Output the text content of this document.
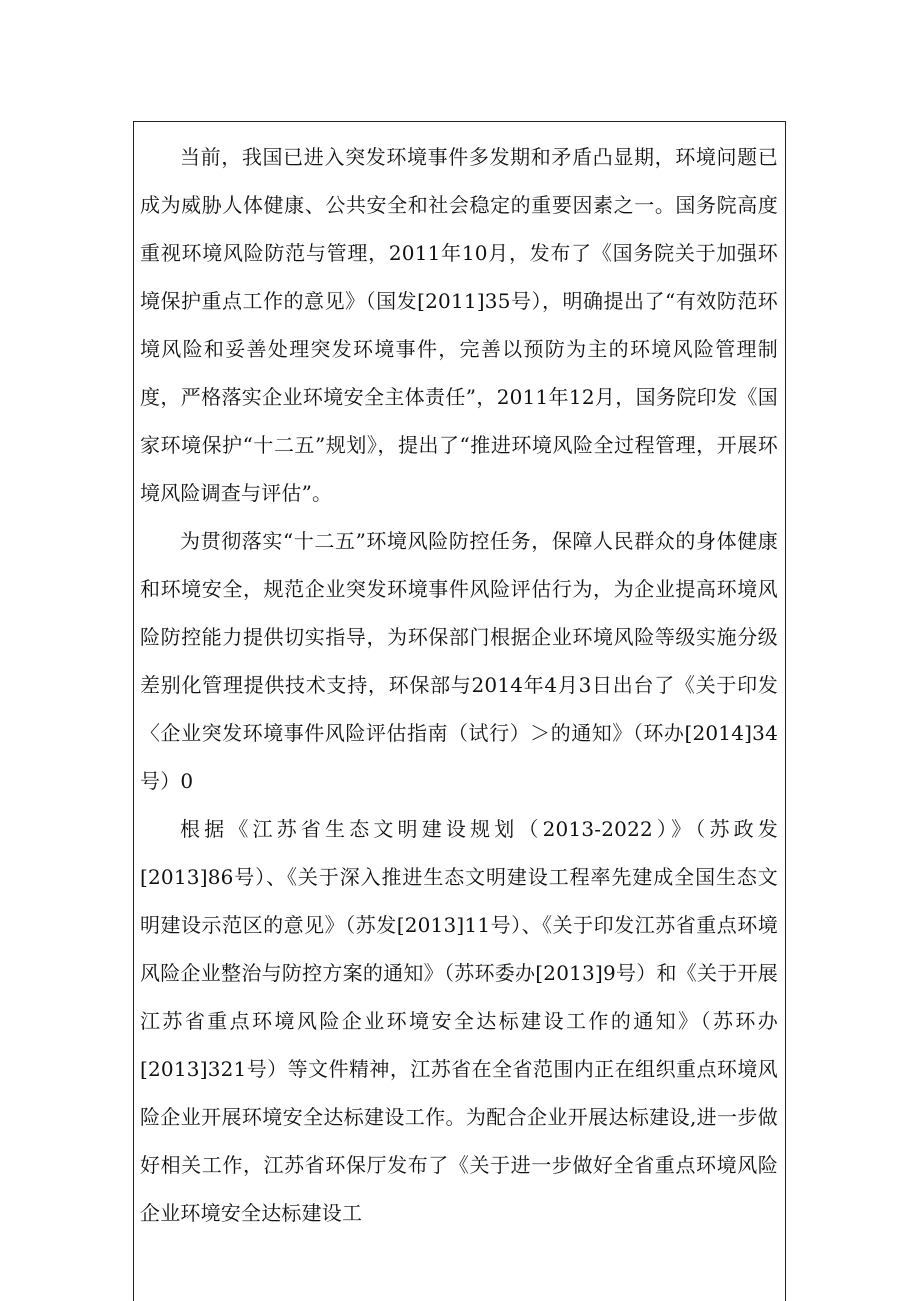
当前，我国已进入突发环境事件多发期和矛盾凸显期，环境问题已成为威胁人体健康、公共安全和社会稳定的重要因素之一。国务院高度重视环境风险防范与管理，2011年10月，发布了《国务院关于加强环境保护重点工作的意见》（国发[2011]35号），明确提出了“有效防范环境风险和妥善处理突发环境事件，完善以预防为主的环境风险管理制度，严格落实企业环境安全主体责任”，2011年12月，国务院印发《国家环境保护“十二五”规划》，提出了“推进环境风险全过程管理，开展环境风险调查与评估”。

为贯彻落实“十二五”环境风险防控任务，保障人民群众的身体健康和环境安全，规范企业突发环境事件风险评估行为，为企业提高环境风险防控能力提供切实指导，为环保部门根据企业环境风险等级实施分级差别化管理提供技术支持，环保部与2014年4月3日出台了《关于印发〈企业突发环境事件风险评估指南（试行）＞的通知》（环办[2014]34号）0

根据《江苏省生态文明建设规划（2013-2022）》（苏政发[2013]86号）、《关于深入推进生态文明建设工程率先建成全国生态文明建设示范区的意见》（苏发[2013]11号）、《关于印发江苏省重点环境风险企业整治与防控方案的通知》（苏环委办[2013]9号）和《关于开展江苏省重点环境风险企业环境安全达标建设工作的通知》（苏环办[2013]321号）等文件精神，江苏省在全省范围内正在组织重点环境风险企业开展环境安全达标建设工作。为配合企业开展达标建设,进一步做好相关工作，江苏省环保厅发布了《关于进一步做好全省重点环境风险企业环境安全达标建设工
